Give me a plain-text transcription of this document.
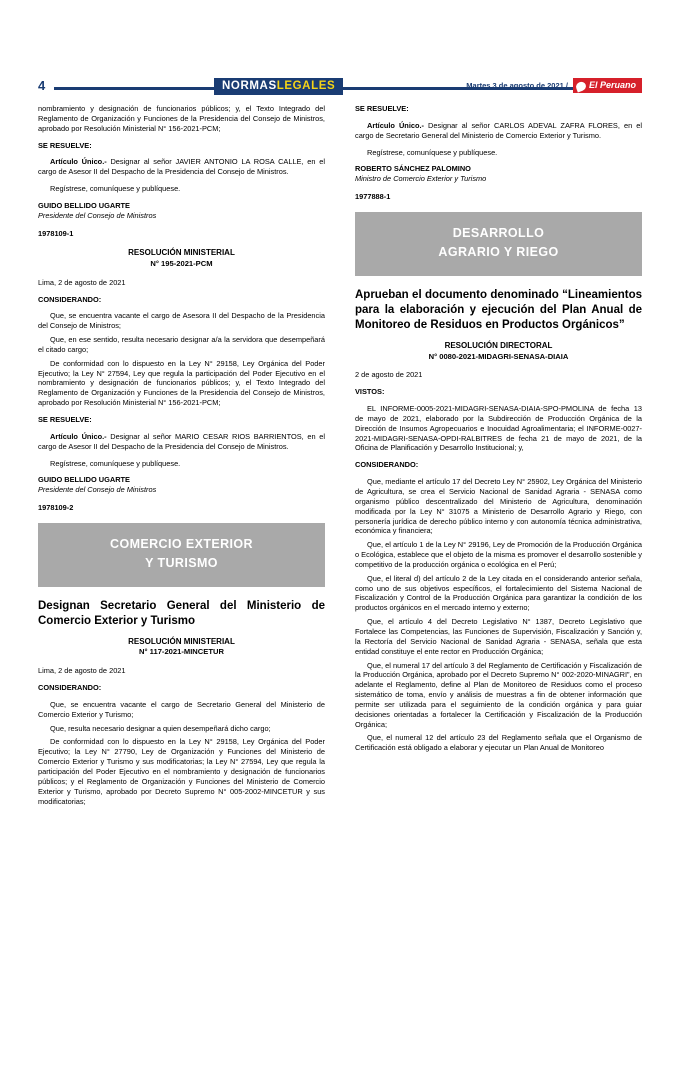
4	NORMASLEGALES	Martes 3 de agosto de 2021 /	El Peruano

nombramiento y designación de funcionarios públicos; y, el Texto Integrado del Reglamento de Organización y Funciones de la Presidencia del Consejo de Ministros, aprobado por Resolución Ministerial N° 156-2021-PCM;

SE RESUELVE:

Artículo Único.- Designar al señor JAVIER ANTONIO LA ROSA CALLE, en el cargo de Asesor II del Despacho de la Presidencia del Consejo de Ministros.

Regístrese, comuníquese y publíquese.

GUIDO BELLIDO UGARTE

Presidente del Consejo de Ministros

1978109-1

RESOLUCIÓN MINISTERIAL
N° 195-2021-PCM

Lima, 2 de agosto de 2021

CONSIDERANDO:

Que, se encuentra vacante el cargo de Asesora II del Despacho de la Presidencia del Consejo de Ministros;

Que, en ese sentido, resulta necesario designar a/a la servidora que desempeñará el citado cargo;

De conformidad con lo dispuesto en la Ley N° 29158, Ley Orgánica del Poder Ejecutivo; la Ley N° 27594, Ley que regula la participación del Poder Ejecutivo en el nombramiento y designación de funcionarios públicos; y, el Texto Integrado del Reglamento de Organización y Funciones de la Presidencia del Consejo de Ministros, aprobado por Resolución Ministerial N° 156-2021-PCM;

SE RESUELVE:

Artículo Único.- Designar al señor MARIO CESAR RIOS BARRIENTOS, en el cargo de Asesor II del Despacho de la Presidencia del Consejo de Ministros.

Regístrese, comuníquese y publíquese.

GUIDO BELLIDO UGARTE

Presidente del Consejo de Ministros

1978109-2

COMERCIO EXTERIOR
Y TURISMO
Designan Secretario General del Ministerio de Comercio Exterior y Turismo
RESOLUCIÓN MINISTERIAL
N° 117-2021-MINCETUR

Lima, 2 de agosto de 2021

CONSIDERANDO:

Que, se encuentra vacante el cargo de Secretario General del Ministerio de Comercio Exterior y Turismo;

Que, resulta necesario designar a quien desempeñará dicho cargo;

De conformidad con lo dispuesto en la Ley N° 29158, Ley Orgánica del Poder Ejecutivo; la Ley N° 27790, Ley de Organización y Funciones del Ministerio de Comercio Exterior y Turismo y sus modificatorias; la Ley N° 27594, Ley que regula la participación del Poder Ejecutivo en el nombramiento y designación de funcionarios públicos; y el Reglamento de Organización y Funciones del Ministerio de Comercio Exterior y Turismo, aprobado por Decreto Supremo N° 005-2002-MINCETUR y sus modificatorias;

SE RESUELVE:

Artículo Único.- Designar al señor CARLOS ADEVAL ZAFRA FLORES, en el cargo de Secretario General del Ministerio de Comercio Exterior y Turismo.

Regístrese, comuníquese y publíquese.

ROBERTO SÁNCHEZ PALOMINO

Ministro de Comercio Exterior y Turismo

1977888-1

DESARROLLO
AGRARIO Y RIEGO
Aprueban el documento denominado “Lineamientos para la elaboración y ejecución del Plan Anual de Monitoreo de Residuos en Productos Orgánicos”
RESOLUCIÓN DIRECTORAL
N° 0080-2021-MIDAGRI-SENASA-DIAIA

2 de agosto de 2021

VISTOS:

EL INFORME-0005-2021-MIDAGRI-SENASA-DIAIA-SPO-PMOLINA de fecha 13 de mayo de 2021, elaborado por la Subdirección de Producción Orgánica de la Dirección de Insumos Agropecuarios e Inocuidad Agroalimentaria; el INFORME-0027- 2021-MIDAGRI-SENASA-OPDI-RALBITRES de fecha 21 de mayo de 2021, de la Oficina de Planificación y Desarrollo Institucional; y,

CONSIDERANDO:

Que, mediante el artículo 17 del Decreto Ley N° 25902, Ley Orgánica del Ministerio de Agricultura, se crea el Servicio Nacional de Sanidad Agraria - SENASA como organismo público descentralizado del Ministerio de Agricultura, denominación modificada por la Ley N° 31075 a Ministerio de Desarrollo Agrario y Riego, con personería jurídica de derecho público interno y con autonomía técnica administrativa, económica y financiera;

Que, el artículo 1 de la Ley N° 29196, Ley de Promoción de la Producción Orgánica o Ecológica, establece que el objeto de la misma es promover el desarrollo sostenible y competitivo de la producción orgánica o ecológica en el Perú;

Que, el literal d) del artículo 2 de la Ley citada en el considerando anterior señala, como uno de sus objetivos específicos, el fortalecimiento del Sistema Nacional de Fiscalización y Control de la Producción Orgánica para garantizar la condición de los productos orgánicos en el mercado interno y externo;

Que, el artículo 4 del Decreto Legislativo N° 1387, Decreto Legislativo que Fortalece las Competencias, las Funciones de Supervisión, Fiscalización y Sanción y, la Rectoría del Servicio Nacional de Sanidad Agraria - SENASA, señala que esta entidad constituye el ente rector en Producción Orgánica;

Que, el numeral 17 del artículo 3 del Reglamento de Certificación y Fiscalización de la Producción Orgánica, aprobado por el Decreto Supremo N° 002-2020-MINAGRI”, en adelante el Reglamento, define al Plan de Monitoreo de Residuos como el proceso sistemático de toma, envío y análisis de muestras a fin de obtener información que permite ser utilizada para el seguimiento de la condición orgánica y para guiar decisiones orientadas a fortalecer la Certificación y Fiscalización de la Producción Orgánica;

Que, el numeral 12 del artículo 23 del Reglamento señala que el Organismo de Certificación está obligado a elaborar y ejecutar un Plan Anual de Monitoreo
